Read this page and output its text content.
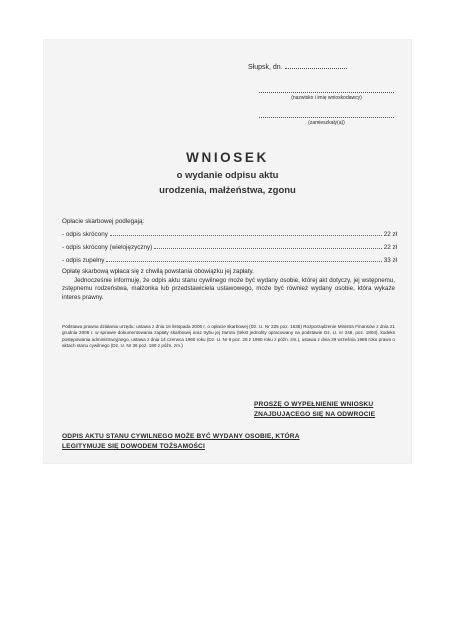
Słupsk, dn.
(nazwisko i imię wnioskodawcy)
(zamieszkały(a))
WNIOSEK
o wydanie odpisu aktu
urodzenia, małżeństwa, zgonu
Opłacie skarbowej podlegają:
- odpis skrócony	22 zł
- odpis skrócony (wielojęzyczny)	22 zł
- odpis zupełny	33 zł
Opłatę skarbową wpłaca się z chwilą powstania obowiązku jej zapłaty.
Jednocześnie informuję, że odpis aktu stanu cywilnego może być wydany osobie, której akt dotyczy, jej wstępnemu, zstępnemu rodzeństwa, małżonka lub przedstawiciela ustawowego, może być również wydany osobie, która wykaże interes prawny.
Podstawa prawna działania urzędu: ustawa z dnia 16 listopada 2006 r. o opłacie skarbowej (Dz. U. Nr 225 poz. 1635) Rozporządzenie Ministra Finansów z dnia 21 grudnia 2006 r. w sprawie dokumentowania zapłaty skarbowej oraz trybu jej zwrotu (tekst jednolity opracowany na podstawie Dz. U. nr 246, poz. 1804), kodeks postępowania administracyjnego, ustawa z dnia 14 czerwca 1960 roku (Dz. U. Nr 9 poz. 26 z 1980 roku z późn. zm.), ustawa z dnia 29 września 1986 roku prawo o aktach stanu cywilnego (Dz. U. Nr 36 poz. 180 z późn. zm.)
PROSZĘ O WYPEŁNIENIE WNIOSKU ZNAJDUJĄCEGO SIĘ NA ODWROCIE
ODPIS AKTU STANU CYWILNEGO MOŻE BYĆ WYDANY OSOBIE, KTÓRA LEGITYMUJE SIĘ DOWODEM TOŻSAMOŚCI
